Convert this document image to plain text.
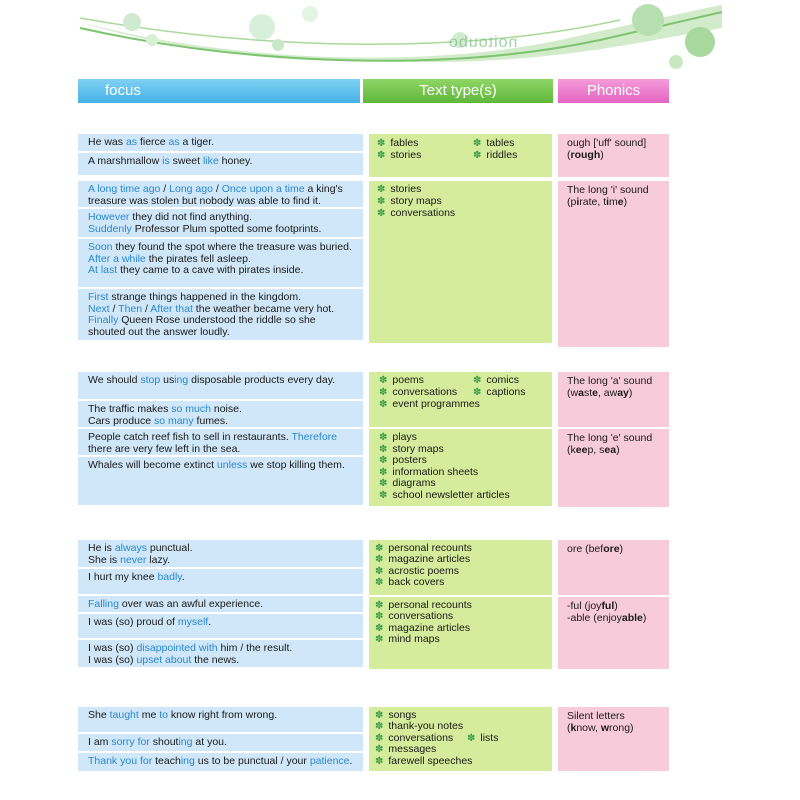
noitoubo
focus	Text type(s)	Phonics
He was as fierce as a tiger.
A marshmallow is sweet like honey.
A long time ago / Long ago / Once upon a time a king's
treasure was stolen but nobody was able to find it.
However they did not find anything.
Suddenly Professor Plum spotted some footprints.
Soon they found the spot where the treasure was buried.
After a while the pirates fell asleep.
At last they came to a cave with pirates inside.
First strange things happened in the kingdom.
Next / Then / After that the weather became very hot.
Finally Queen Rose understood the riddle so she
shouted out the answer loudly.
We should stop using disposable products every day.
The traffic makes so much noise.
Cars produce so many fumes.
People catch reef fish to sell in restaurants. Therefore
there are very few left in the sea.
Whales will become extinct unless we stop killing them.
He is always punctual.
She is never lazy.
I hurt my knee badly.
Falling over was an awful experience.
I was (so) proud of myself.
I was (so) disappointed with him / the result.
I was (so) upset about the news.
She taught me to know right from wrong.
I am sorry for shouting at you.
Thank you for teaching us to be punctual / your patience.
✽ fables
✽ stories
✽ tables
✽ riddles
✽ stories
✽ story maps
✽ conversations
✽ poems
✽ conversations
✽ event programmes
✽ comics
✽ captions
✽ plays
✽ story maps
✽ posters
✽ information sheets
✽ diagrams
✽ school newsletter articles
✽ personal recounts
✽ magazine articles
✽ acrostic poems
✽ back covers
✽ personal recounts
✽ conversations
✽ magazine articles
✽ mind maps
✽ songs
✽ thank-you notes
✽ conversations ✽ lists
✽ messages
✽ farewell speeches
ough ['uff' sound]
(rough)
The long 'i' sound
(pirate, time)
The long 'a' sound
(waste, away)
The long 'e' sound
(keep, sea)
ore (before)
-ful (joyful)
-able (enjoyable)
Silent letters
(know, wrong)
